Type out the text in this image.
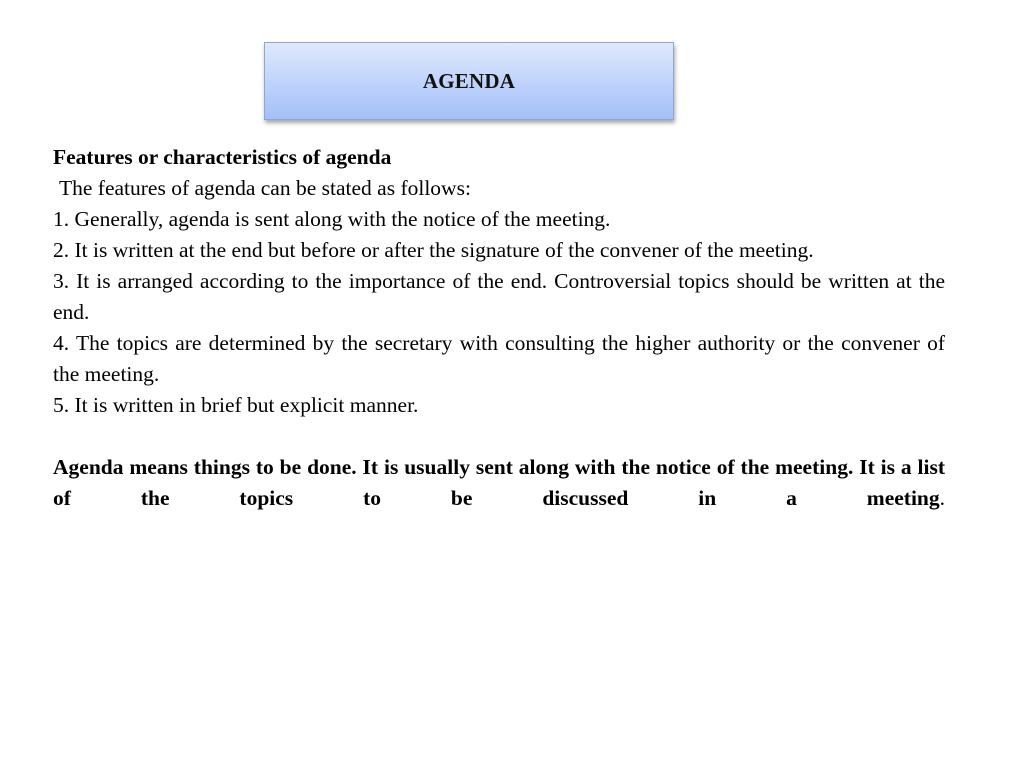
AGENDA

Features or characteristics of agenda

The features of agenda can be stated as follows:

1. Generally, agenda is sent along with the notice of the meeting.

2. It is written at the end but before or after the signature of the convener of the meeting.

3. It is arranged according to the importance of the end. Controversial topics should be written at the end.

4. The topics are determined by the secretary with consulting the higher authority or the convener of the meeting.

5. It is written in brief but explicit manner.

Agenda means things to be done. It is usually sent along with the notice of the meeting. It is a list of the topics to be discussed in a meeting.
